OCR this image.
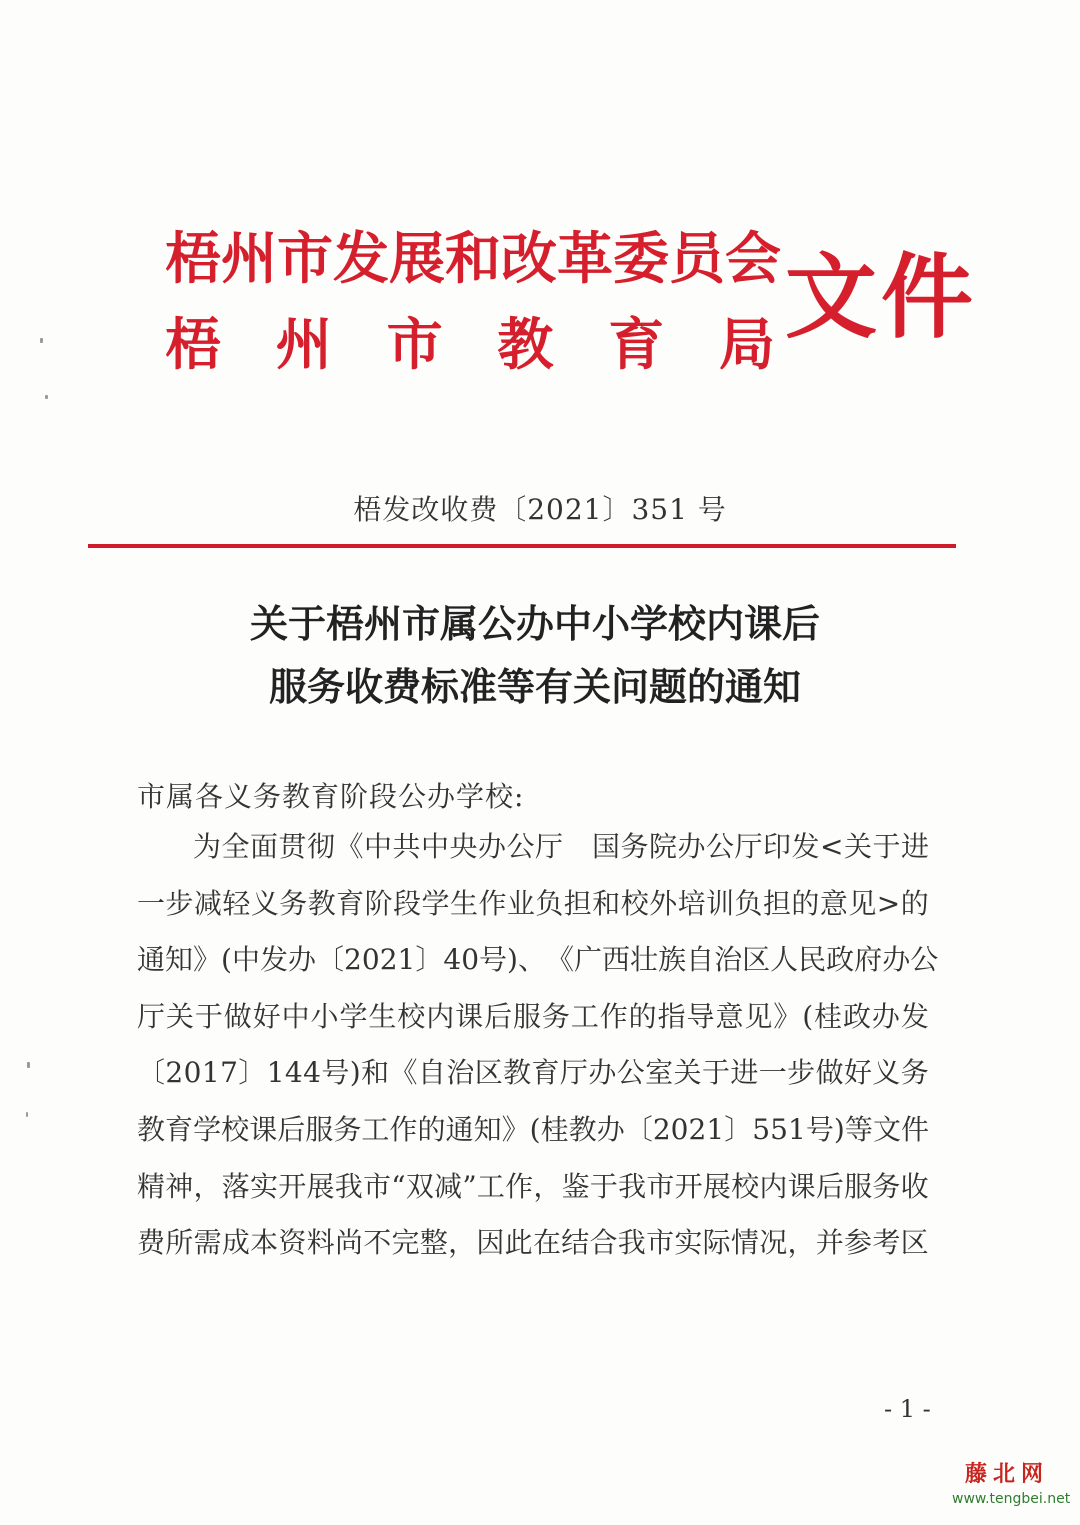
梧 州 市 发 展 和 改 革 委 员 会
梧 州 市 教 育 局 文件
梧发改收费〔2021〕351 号
关于梧州市属公办中小学校内课后
服务收费标准等有关问题的通知
市属各义务教育阶段公办学校:
为 全 面 贯 彻 《 中 共 中 央 办 公 厅
　 国 务 院 办 公 厅 印 发 < 关 于 进
一 步 减 轻 义 务 教 育 阶 段 学 生 作 业 负 担 和 校 外 培 训 负 担 的 意 见 > 的
通 知 》 ( 中 发 办 〔 2 0 2 1 〕 4 0 号 ) 、 《 广 西 壮 族 自 治 区 人 民 政 府 办 公
厅 关 于 做 好 中 小 学 生 校 内 课 后 服 务 工 作 的 指 导 意 见 》 ( 桂 政 办 发
〔 2 0 1 7 〕 1 4 4 号 ) 和 《 自 治 区 教 育 厅 办 公 室 关 于 进 一 步 做 好 义 务
教 育 学 校 课 后 服 务 工 作 的 通 知 》 ( 桂 教 办 〔 2 0 2 1 〕 5 5 1 号 ) 等 文 件
精 神 ， 落 实 开 展 我 市 “ 双 减 ” 工 作 ， 鉴 于 我 市 开 展 校 内 课 后 服 务 收
费 所 需 成 本 资 料 尚 不 完 整 ， 因 此 在 结 合 我 市 实 际 情 况 ， 并 参 考 区
- 1 -
藤北网
www.tengbei.net
